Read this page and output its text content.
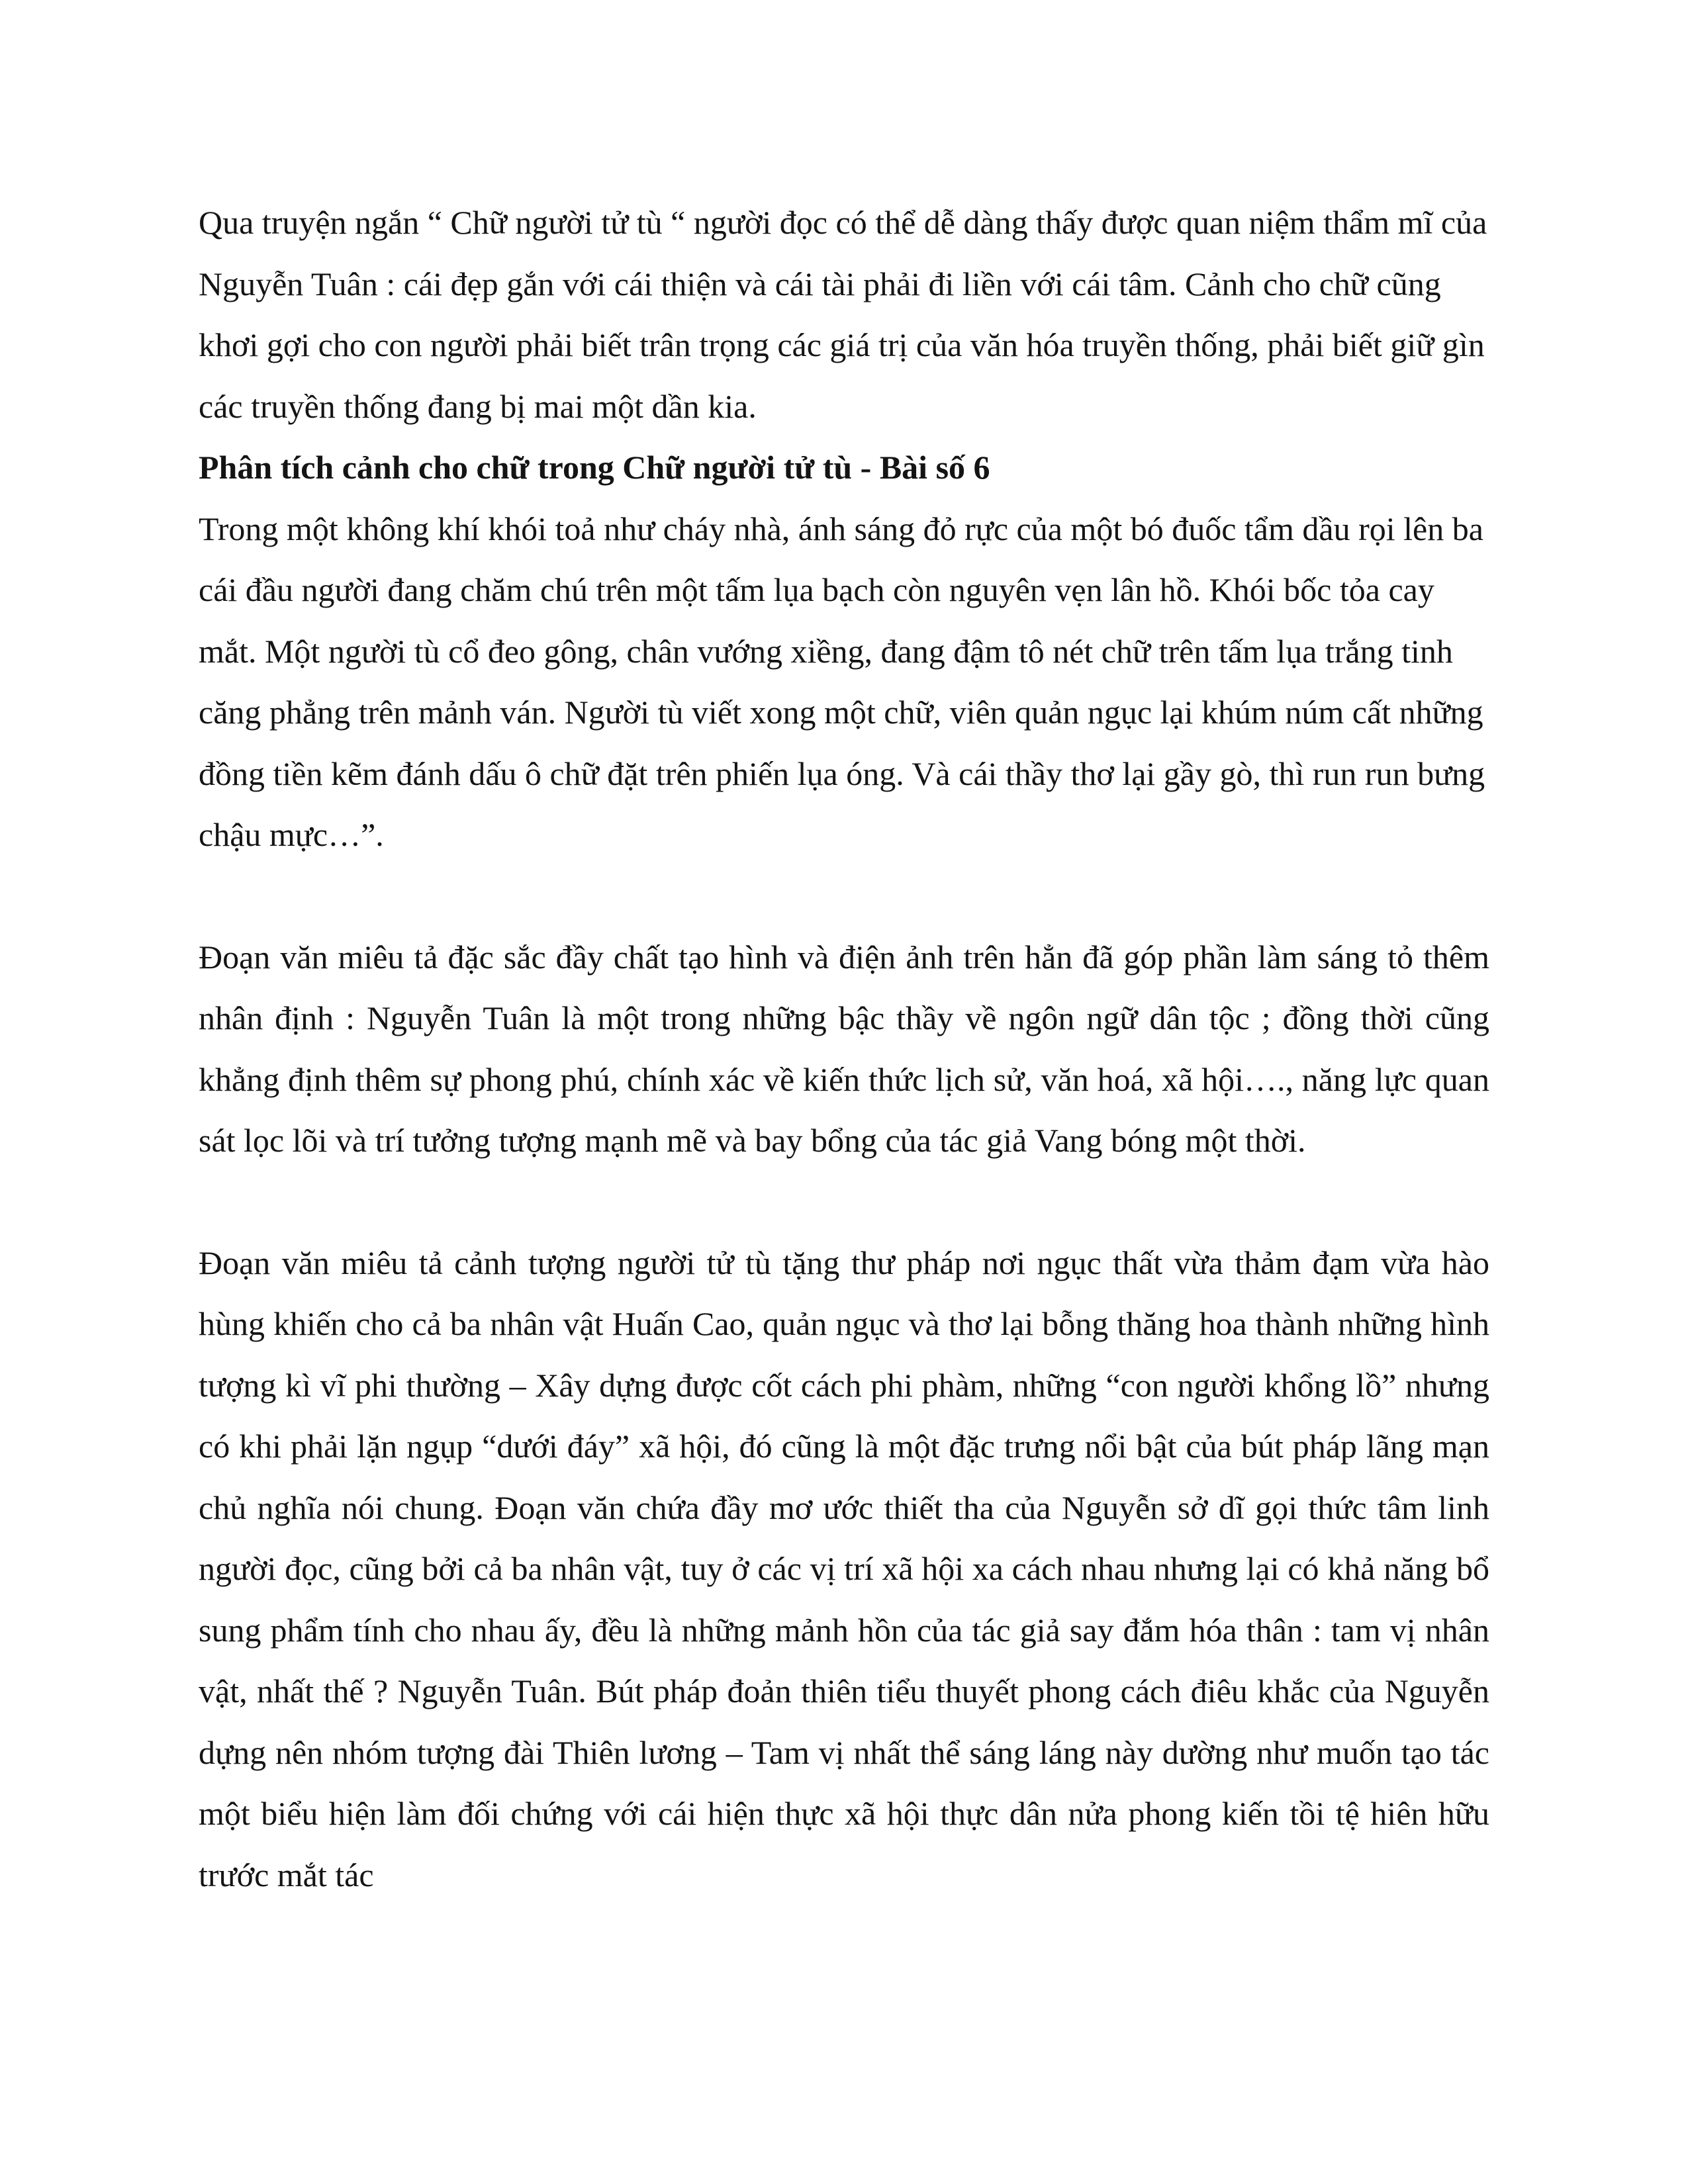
Qua truyện ngắn “ Chữ người tử tù “ người đọc có thể dễ dàng thấy được quan niệm thẩm mĩ của Nguyễn Tuân : cái đẹp gắn với cái thiện và cái tài phải đi liền với cái tâm. Cảnh cho chữ cũng khơi gợi cho con người phải biết trân trọng các giá trị của văn hóa truyền thống, phải biết giữ gìn các truyền thống đang bị mai một dần kia.

Phân tích cảnh cho chữ trong Chữ người tử tù - Bài số 6

Trong một không khí khói toả như cháy nhà, ánh sáng đỏ rực của một bó đuốc tẩm dầu rọi lên ba cái đầu người đang chăm chú trên một tấm lụa bạch còn nguyên vẹn lân hồ. Khói bốc tỏa cay mắt. Một người tù cổ đeo gông, chân vướng xiềng, đang đậm tô nét chữ trên tấm lụa trắng tinh căng phẳng trên mảnh ván. Người tù viết xong một chữ, viên quản ngục lại khúm núm cất những đồng tiền kẽm đánh dấu ô chữ đặt trên phiến lụa óng. Và cái thầy thơ lại gầy gò, thì run run bưng chậu mực…”.

Đoạn văn miêu tả đặc sắc đầy chất tạo hình và điện ảnh trên hẳn đã góp phần làm sáng tỏ thêm nhân định : Nguyễn Tuân là một trong những bậc thầy về ngôn ngữ dân tộc ; đồng thời cũng khẳng định thêm sự phong phú, chính xác về kiến thức lịch sử, văn hoá, xã hội…., năng lực quan sát lọc lõi và trí tưởng tượng mạnh mẽ và bay bổng của tác giả Vang bóng một thời.

Đoạn văn miêu tả cảnh tượng người tử tù tặng thư pháp nơi ngục thất vừa thảm đạm vừa hào hùng khiến cho cả ba nhân vật Huấn Cao, quản ngục và thơ lại bỗng thăng hoa thành những hình tượng kì vĩ phi thường – Xây dựng được cốt cách phi phàm, những “con người khổng lồ” nhưng có khi phải lặn ngụp “dưới đáy” xã hội, đó cũng là một đặc trưng nổi bật của bút pháp lãng mạn chủ nghĩa nói chung. Đoạn văn chứa đầy mơ ước thiết tha của Nguyễn sở dĩ gọi thức tâm linh người đọc, cũng bởi cả ba nhân vật, tuy ở các vị trí xã hội xa cách nhau nhưng lại có khả năng bổ sung phẩm tính cho nhau ấy, đều là những mảnh hồn của tác giả say đắm hóa thân : tam vị nhân vật, nhất thế ? Nguyễn Tuân. Bút pháp đoản thiên tiểu thuyết phong cách điêu khắc của Nguyễn dựng nên nhóm tượng đài Thiên lương – Tam vị nhất thể sáng láng này dường như muốn tạo tác một biểu hiện làm đối chứng với cái hiện thực xã hội thực dân nửa phong kiến tồi tệ hiên hữu trước mắt tác
